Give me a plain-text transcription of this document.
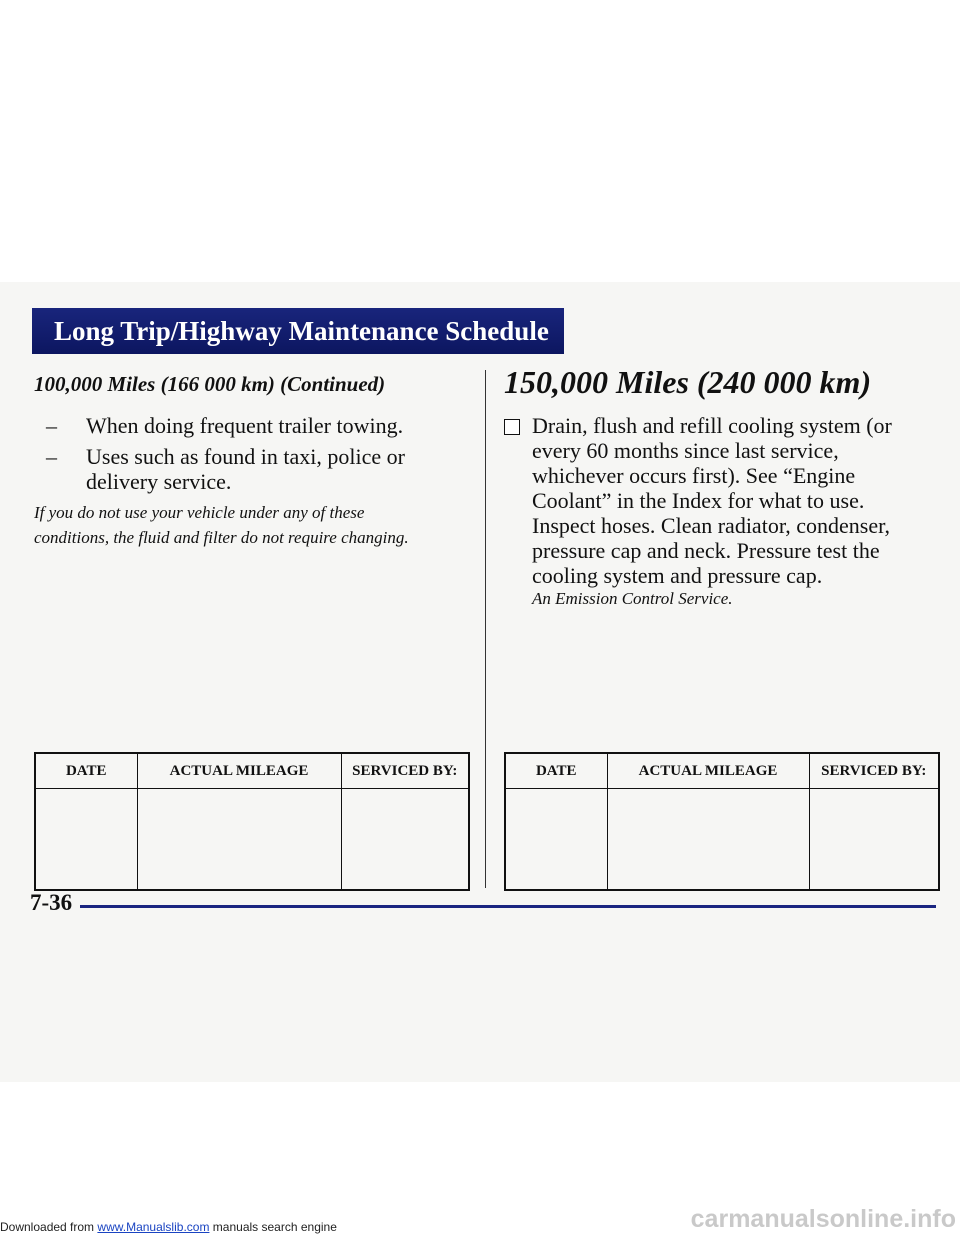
Long Trip/Highway Maintenance Schedule
100,000 Miles (166 000 km) (Continued)
–	When doing frequent trailer towing.
–	Uses such as found in taxi, police or delivery service.
If you do not use your vehicle under any of these conditions, the fluid and filter do not require changing.
DATE	ACTUAL MILEAGE	SERVICED BY:

150,000 Miles (240 000 km)
Drain, flush and refill cooling system (or every 60 months since last service, whichever occurs first). See “Engine Coolant” in the Index for what to use. Inspect hoses. Clean radiator, condenser, pressure cap and neck. Pressure test the cooling system and pressure cap.
An Emission Control Service.
DATE	ACTUAL MILEAGE	SERVICED BY:

7-36
Downloaded from www.Manualslib.com manuals search engine	carmanualsonline.info
